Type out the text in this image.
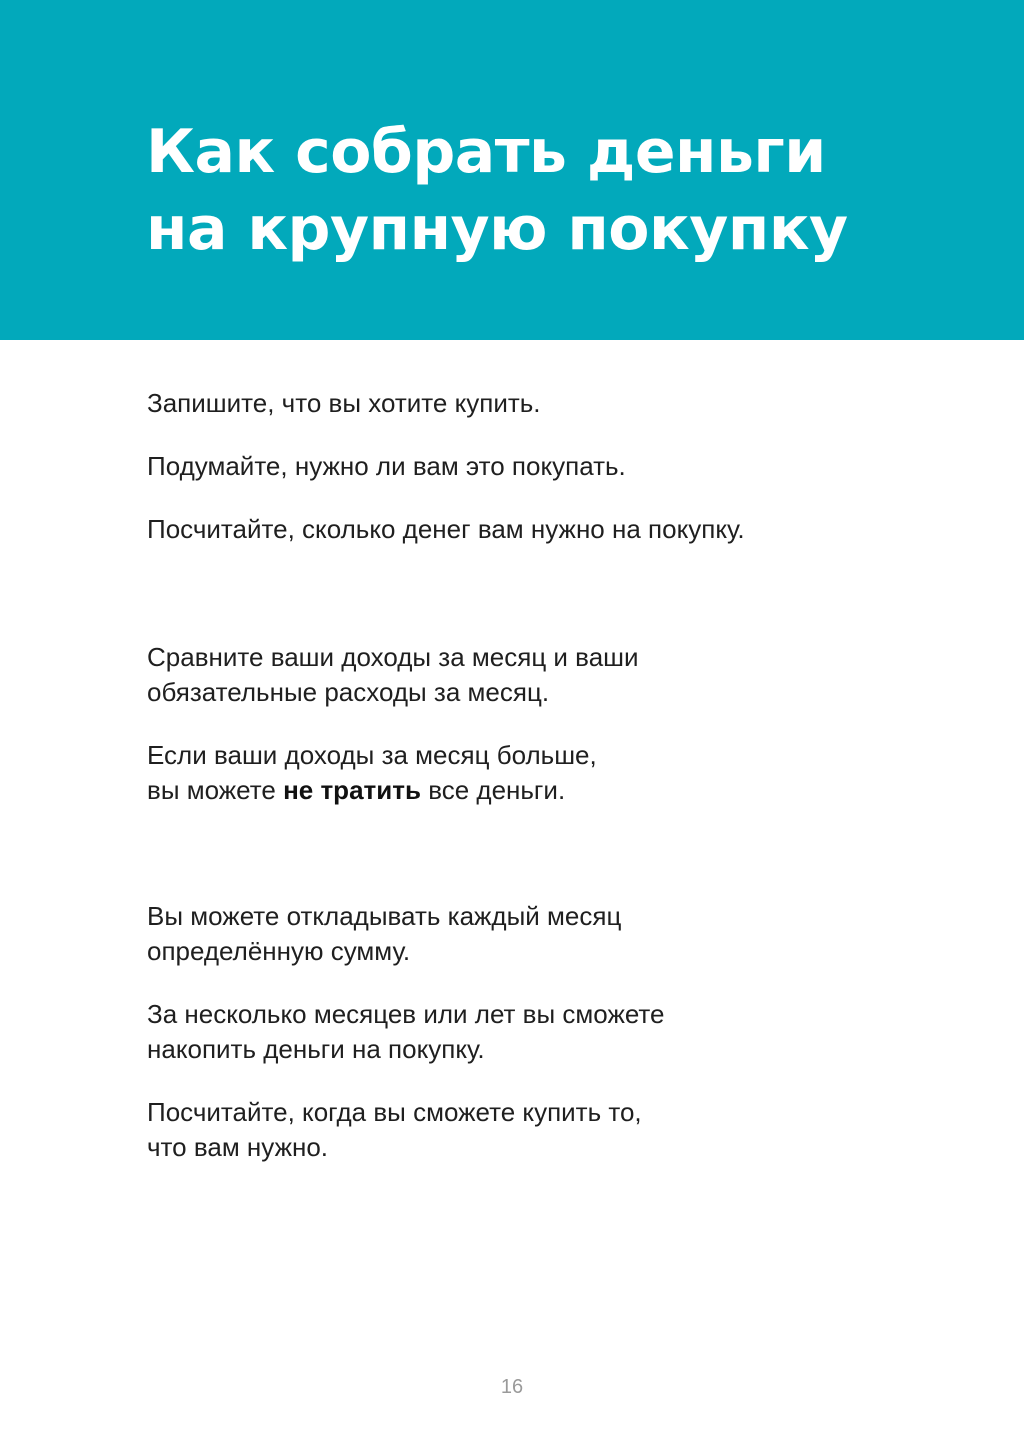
Как собрать деньги
на крупную покупку

Запишите, что вы хотите купить.

Подумайте, нужно ли вам это покупать.

Посчитайте, сколько денег вам нужно на покупку.

Сравните ваши доходы за месяц и ваши
обязательные расходы за месяц.

Если ваши доходы за месяц больше,
вы можете не тратить все деньги.

Вы можете откладывать каждый месяц
определённую сумму.

За несколько месяцев или лет вы сможете
накопить деньги на покупку.

Посчитайте, когда вы сможете купить то,
что вам нужно.

16
